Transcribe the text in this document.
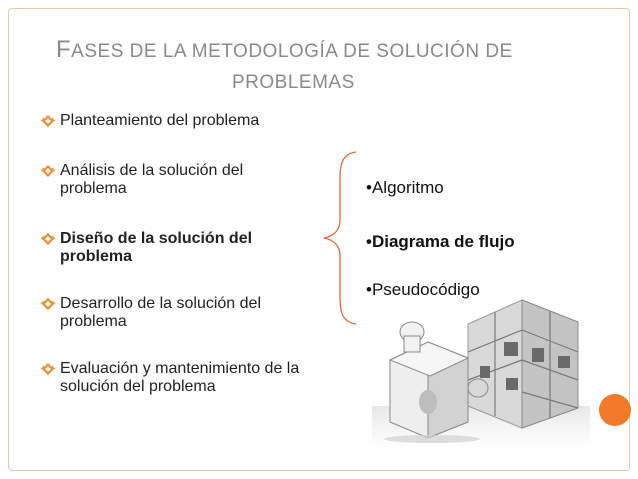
FASES DE LA METODOLOGÍA DE SOLUCIÓN DE
PROBLEMAS
Planteamiento del problema
Análisis de la solución del problema
Diseño de la solución del problema
Desarrollo de la solución del problema
Evaluación y mantenimiento de la solución del problema
•Algoritmo
•Diagrama de flujo
•Pseudocódigo
